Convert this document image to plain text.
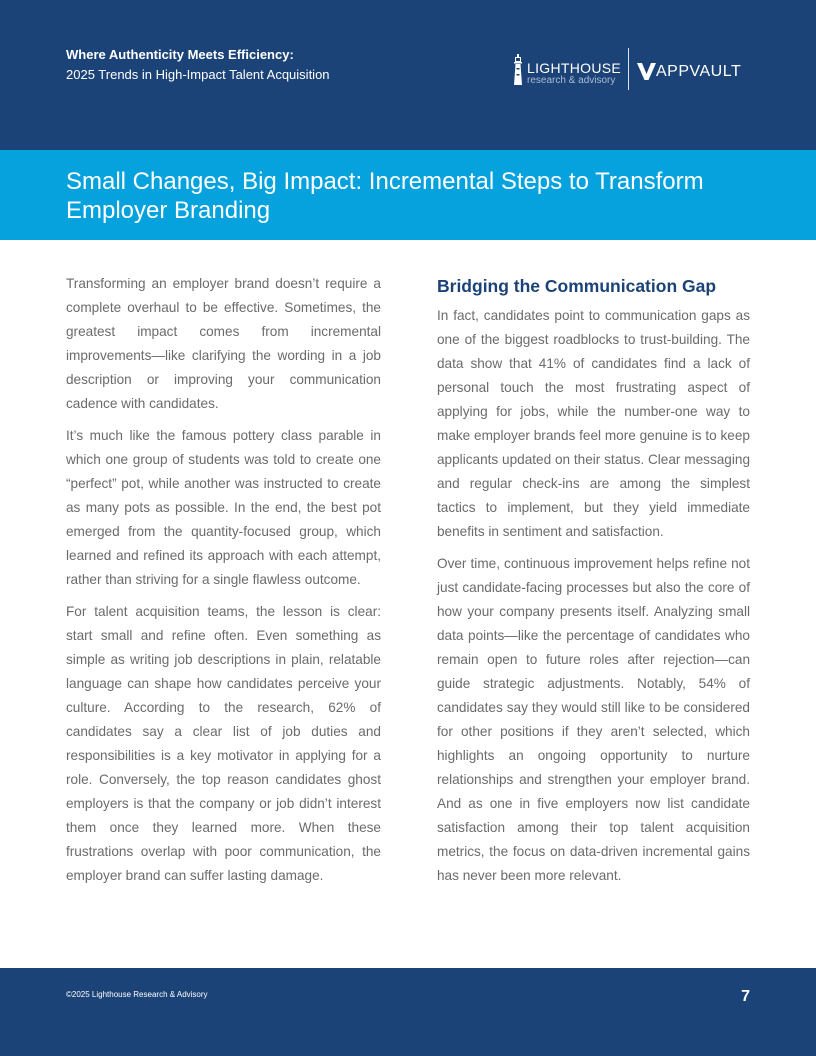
Where Authenticity Meets Efficiency:
2025 Trends in High-Impact Talent Acquisition	LIGHTHOUSE
research & advisory
APPVAULT
Small Changes, Big Impact: Incremental Steps to Transform Employer Branding

Transforming an employer brand doesn’t require a complete overhaul to be effective. Sometimes, the greatest impact comes from incremental improvements—like clarifying the wording in a job description or improving your communication cadence with candidates.

It’s much like the famous pottery class parable in which one group of students was told to create one “perfect” pot, while another was instructed to create as many pots as possible. In the end, the best pot emerged from the quantity-focused group, which learned and refined its approach with each attempt, rather than striving for a single flawless outcome.

For talent acquisition teams, the lesson is clear: start small and refine often. Even something as simple as writing job descriptions in plain, relatable language can shape how candidates perceive your culture. According to the research, 62% of candidates say a clear list of job duties and responsibilities is a key motivator in applying for a role. Conversely, the top reason candidates ghost employers is that the company or job didn’t interest them once they learned more. When these frustrations overlap with poor communication, the employer brand can suffer lasting damage.

Bridging the Communication Gap

In fact, candidates point to communication gaps as one of the biggest roadblocks to trust-building. The data show that 41% of candidates find a lack of personal touch the most frustrating aspect of applying for jobs, while the number-one way to make employer brands feel more genuine is to keep applicants updated on their status. Clear messaging and regular check-ins are among the simplest tactics to implement, but they yield immediate benefits in sentiment and satisfaction.

Over time, continuous improvement helps refine not just candidate-facing processes but also the core of how your company presents itself. Analyzing small data points—like the percentage of candidates who remain open to future roles after rejection—can guide strategic adjustments. Notably, 54% of candidates say they would still like to be considered for other positions if they aren’t selected, which highlights an ongoing opportunity to nurture relationships and strengthen your employer brand. And as one in five employers now list candidate satisfaction among their top talent acquisition metrics, the focus on data-driven incremental gains has never been more relevant.

©2025 Lighthouse Research & Advisory	7
